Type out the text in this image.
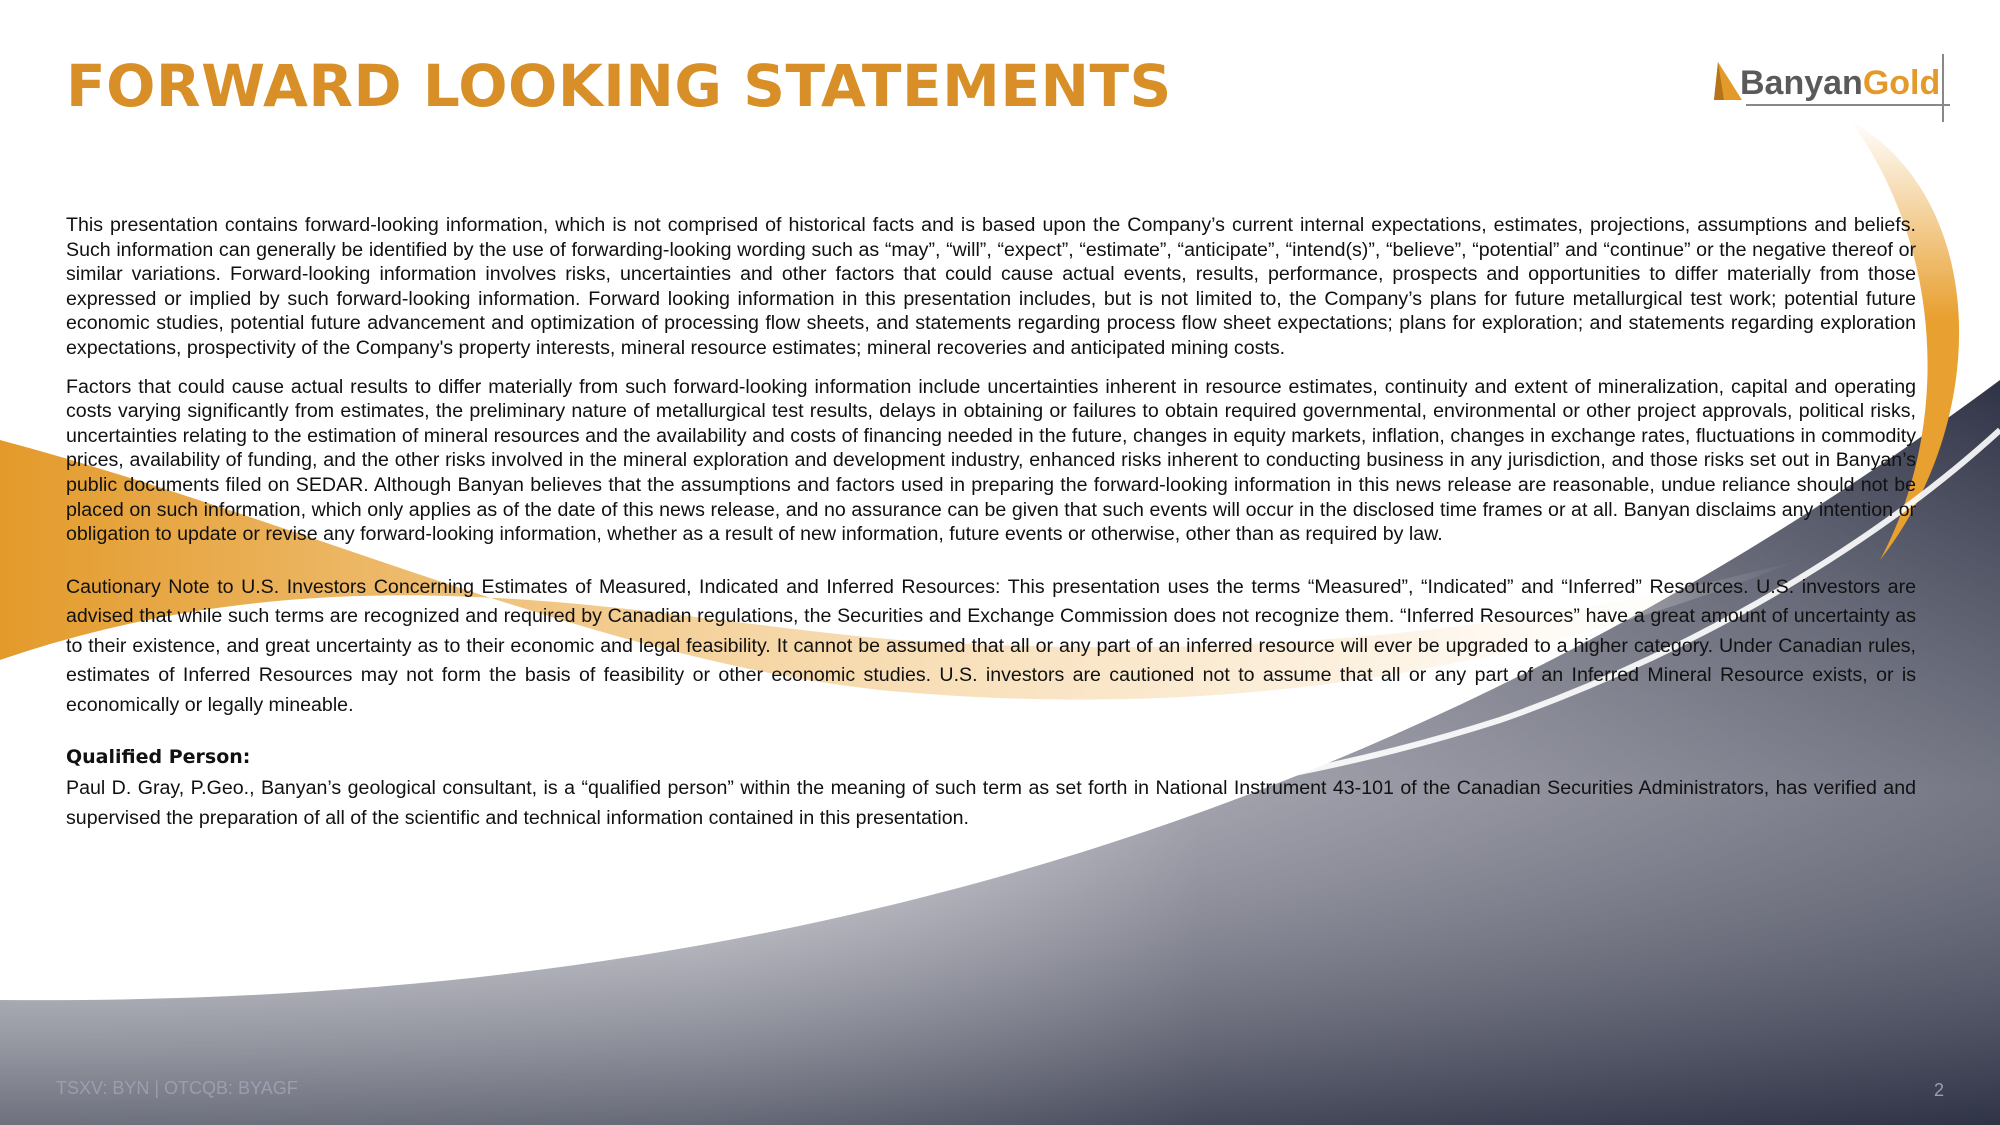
FORWARD LOOKING STATEMENTS	BanyanGold

This presentation contains forward-looking information, which is not comprised of historical facts and is based upon the Company’s current internal expectations, estimates, projections, assumptions and beliefs. Such information can generally be identified by the use of forwarding-looking wording such as “may”, “will”, “expect”, “estimate”, “anticipate”, “intend(s)”, “believe”, “potential” and “continue” or the negative thereof or similar variations. Forward-looking information involves risks, uncertainties and other factors that could cause actual events, results, performance, prospects and opportunities to differ materially from those expressed or implied by such forward-looking information. Forward looking information in this presentation includes, but is not limited to, the Company’s plans for future metallurgical test work; potential future economic studies, potential future advancement and optimization of processing flow sheets, and statements regarding process flow sheet expectations; plans for exploration; and statements regarding exploration expectations, prospectivity of the Company's property interests, mineral resource estimates; mineral recoveries and anticipated mining costs.

Factors that could cause actual results to differ materially from such forward-looking information include uncertainties inherent in resource estimates, continuity and extent of mineralization, capital and operating costs varying significantly from estimates, the preliminary nature of metallurgical test results, delays in obtaining or failures to obtain required governmental, environmental or other project approvals, political risks, uncertainties relating to the estimation of mineral resources and the availability and costs of financing needed in the future, changes in equity markets, inflation, changes in exchange rates, fluctuations in commodity prices, availability of funding, and the other risks involved in the mineral exploration and development industry, enhanced risks inherent to conducting business in any jurisdiction, and those risks set out in Banyan’s public documents filed on SEDAR. Although Banyan believes that the assumptions and factors used in preparing the forward-looking information in this news release are reasonable, undue reliance should not be placed on such information, which only applies as of the date of this news release, and no assurance can be given that such events will occur in the disclosed time frames or at all. Banyan disclaims any intention or obligation to update or revise any forward-looking information, whether as a result of new information, future events or otherwise, other than as required by law.

Cautionary Note to U.S. Investors Concerning Estimates of Measured, Indicated and Inferred Resources: This presentation uses the terms “Measured”, “Indicated” and “Inferred” Resources. U.S. investors are advised that while such terms are recognized and required by Canadian regulations, the Securities and Exchange Commission does not recognize them. “Inferred Resources” have a great amount of uncertainty as to their existence, and great uncertainty as to their economic and legal feasibility. It cannot be assumed that all or any part of an inferred resource will ever be upgraded to a higher category. Under Canadian rules, estimates of Inferred Resources may not form the basis of feasibility or other economic studies. U.S. investors are cautioned not to assume that all or any part of an Inferred Mineral Resource exists, or is economically or legally mineable.

Qualified Person:

Paul D. Gray, P.Geo., Banyan’s geological consultant, is a “qualified person” within the meaning of such term as set forth in National Instrument 43-101 of the Canadian Securities Administrators, has verified and supervised the preparation of all of the scientific and technical information contained in this presentation.

TSXV: BYN | OTCQB: BYAGF	2
